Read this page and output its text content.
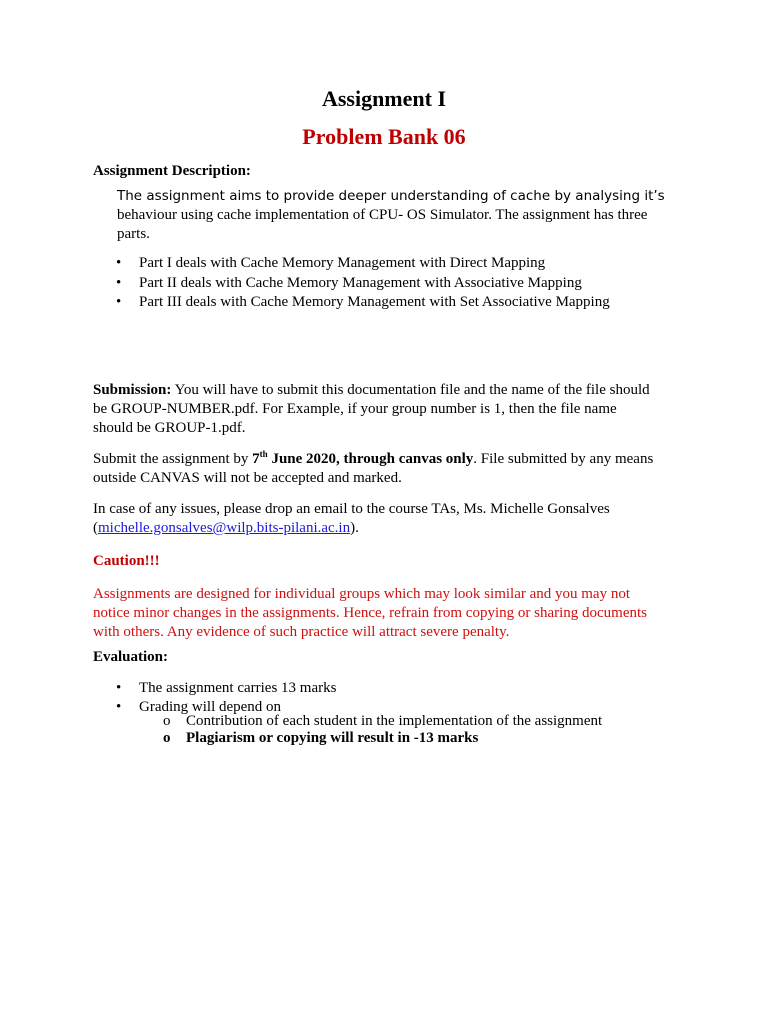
Assignment I
Problem Bank 06
Assignment Description:
The assignment aims to provide deeper understanding of cache by analysing it’s
behaviour using cache implementation of CPU- OS Simulator. The assignment has three
parts.
• Part I deals with Cache Memory Management with Direct Mapping
• Part II deals with Cache Memory Management with Associative Mapping
• Part III deals with Cache Memory Management with Set Associative Mapping
Submission: You will have to submit this documentation file and the name of the file should
be GROUP-NUMBER.pdf. For Example, if your group number is 1, then the file name
should be GROUP-1.pdf.
Submit the assignment by 7th June 2020, through canvas only. File submitted by any means
outside CANVAS will not be accepted and marked.
In case of any issues, please drop an email to the course TAs, Ms. Michelle Gonsalves
(michelle.gonsalves@wilp.bits-pilani.ac.in).
Caution!!!
Assignments are designed for individual groups which may look similar and you may not
notice minor changes in the assignments. Hence, refrain from copying or sharing documents
with others. Any evidence of such practice will attract severe penalty.
Evaluation:
• The assignment carries 13 marks
• Grading will depend on
o Contribution of each student in the implementation of the assignment
o Plagiarism or copying will result in -13 marks
